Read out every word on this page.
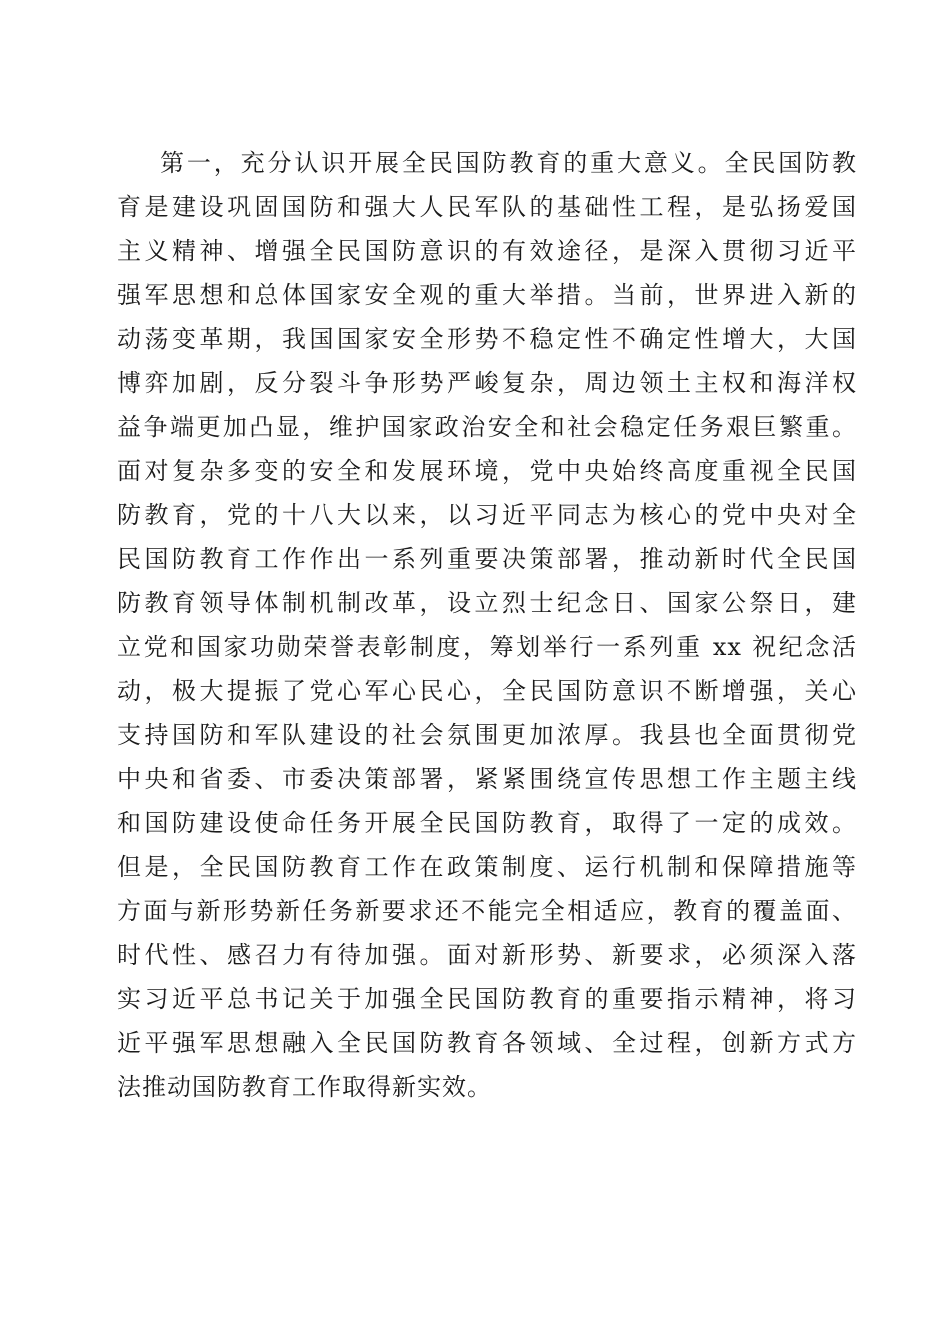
第一，充分认识开展全民国防教育的重大意义。全民国防教
育是建设巩固国防和强大人民军队的基础性工程，是弘扬爱国
主义精神、增强全民国防意识的有效途径，是深入贯彻习近平
强军思想和总体国家安全观的重大举措。当前，世界进入新的
动荡变革期，我国国家安全形势不稳定性不确定性增大，大国
博弈加剧，反分裂斗争形势严峻复杂，周边领土主权和海洋权
益争端更加凸显，维护国家政治安全和社会稳定任务艰巨繁重。
面对复杂多变的安全和发展环境，党中央始终高度重视全民国
防教育，党的十八大以来，以习近平同志为核心的党中央对全
民国防教育工作作出一系列重要决策部署，推动新时代全民国
防教育领导体制机制改革，设立烈士纪念日、国家公祭日，建
立党和国家功勋荣誉表彰制度，筹划举行一系列重 xx 祝纪念活
动，极大提振了党心军心民心，全民国防意识不断增强，关心
支持国防和军队建设的社会氛围更加浓厚。我县也全面贯彻党
中央和省委、市委决策部署，紧紧围绕宣传思想工作主题主线
和国防建设使命任务开展全民国防教育，取得了一定的成效。
但是，全民国防教育工作在政策制度、运行机制和保障措施等
方面与新形势新任务新要求还不能完全相适应，教育的覆盖面、
时代性、感召力有待加强。面对新形势、新要求，必须深入落
实习近平总书记关于加强全民国防教育的重要指示精神，将习
近平强军思想融入全民国防教育各领域、全过程，创新方式方
法推动国防教育工作取得新实效。
